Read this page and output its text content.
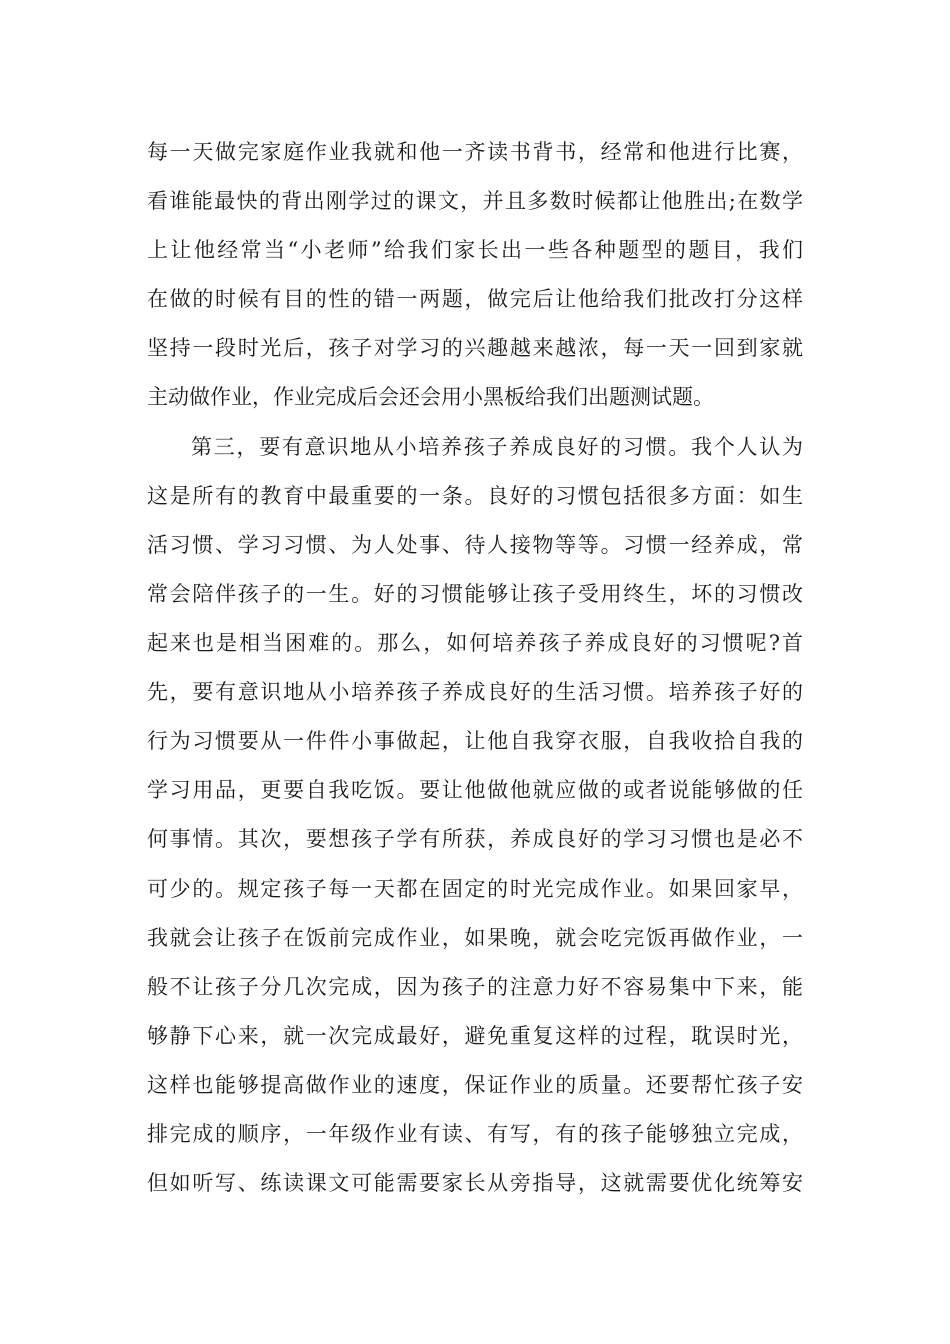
每一天做完家庭作业我就和他一齐读书背书，经常和他进行比赛，
看谁能最快的背出刚学过的课文，并且多数时候都让他胜出;在数学
上让他经常当“小老师”给我们家长出一些各种题型的题目，我们
在做的时候有目的性的错一两题，做完后让他给我们批改打分这样
坚持一段时光后，孩子对学习的兴趣越来越浓，每一天一回到家就
主动做作业，作业完成后会还会用小黑板给我们出题测试题。
第三，要有意识地从小培养孩子养成良好的习惯。我个人认为
这是所有的教育中最重要的一条。良好的习惯包括很多方面：如生
活习惯、学习习惯、为人处事、待人接物等等。习惯一经养成，常
常会陪伴孩子的一生。好的习惯能够让孩子受用终生，坏的习惯改
起来也是相当困难的。那么，如何培养孩子养成良好的习惯呢?首
先，要有意识地从小培养孩子养成良好的生活习惯。培养孩子好的
行为习惯要从一件件小事做起，让他自我穿衣服，自我收拾自我的
学习用品，更要自我吃饭。要让他做他就应做的或者说能够做的任
何事情。其次，要想孩子学有所获，养成良好的学习习惯也是必不
可少的。规定孩子每一天都在固定的时光完成作业。如果回家早，
我就会让孩子在饭前完成作业，如果晚，就会吃完饭再做作业，一
般不让孩子分几次完成，因为孩子的注意力好不容易集中下来，能
够静下心来，就一次完成最好，避免重复这样的过程，耽误时光，
这样也能够提高做作业的速度，保证作业的质量。还要帮忙孩子安
排完成的顺序，一年级作业有读、有写，有的孩子能够独立完成，
但如听写、练读课文可能需要家长从旁指导，这就需要优化统筹安
